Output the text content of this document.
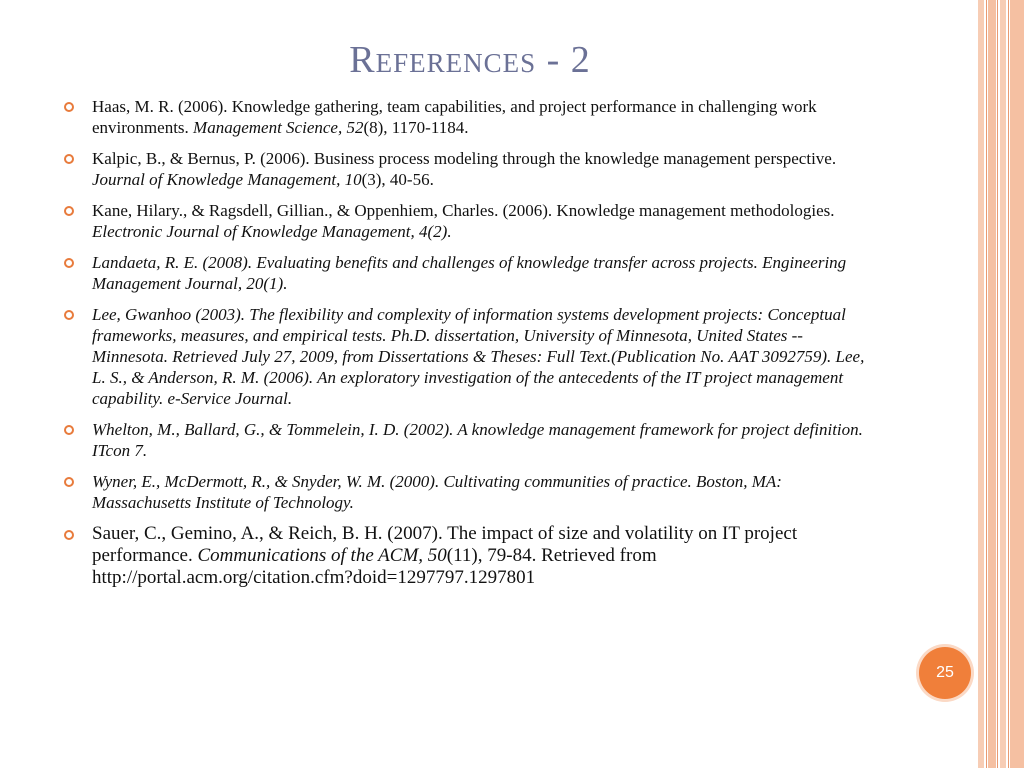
References - 2
Haas, M. R. (2006). Knowledge gathering, team capabilities, and project performance in challenging work environments. Management Science, 52(8), 1170-1184.
Kalpic, B., & Bernus, P. (2006). Business process modeling through the knowledge management perspective. Journal of Knowledge Management, 10(3), 40-56.
Kane, Hilary., & Ragsdell, Gillian., & Oppenhiem, Charles. (2006). Knowledge management methodologies. Electronic Journal of Knowledge Management, 4(2).
Landaeta, R. E. (2008). Evaluating benefits and challenges of knowledge transfer across projects. Engineering Management Journal, 20(1).
Lee, Gwanhoo (2003). The flexibility and complexity of information systems development projects: Conceptual frameworks, measures, and empirical tests. Ph.D. dissertation, University of Minnesota, United States -- Minnesota. Retrieved July 27, 2009, from Dissertations & Theses: Full Text.(Publication No. AAT 3092759). Lee, L. S., & Anderson, R. M. (2006). An exploratory investigation of the antecedents of the IT project management capability. e-Service Journal.
Whelton, M., Ballard, G., & Tommelein, I. D. (2002). A knowledge management framework for project definition. ITcon 7.
Wyner, E., McDermott, R., & Snyder, W. M. (2000). Cultivating communities of practice. Boston, MA: Massachusetts Institute of Technology.
Sauer, C., Gemino, A., & Reich, B. H. (2007). The impact of size and volatility on IT project performance. Communications of the ACM, 50(11), 79-84. Retrieved from http://portal.acm.org/citation.cfm?doid=1297797.1297801
25
